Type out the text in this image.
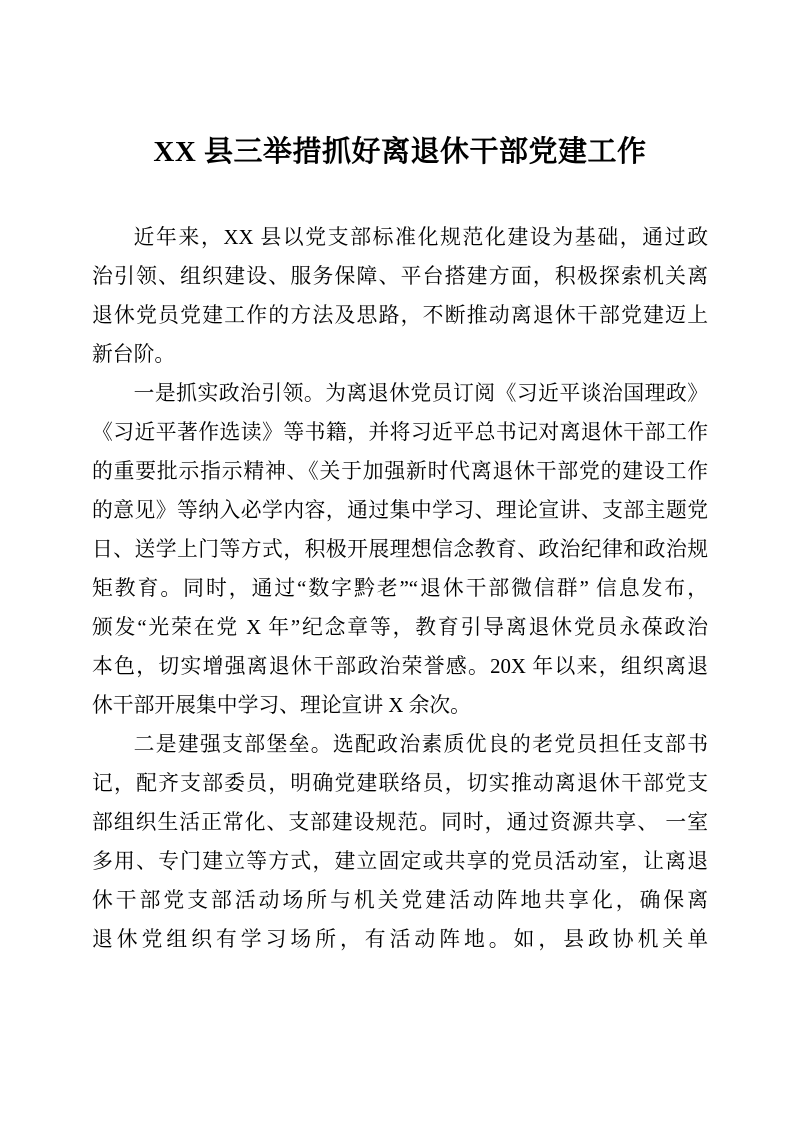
XX 县三举措抓好离退休干部党建工作
近年来，XX 县以党支部标准化规范化建设为基础，通过政
治引领、组织建设、服务保障、平台搭建方面，积极探索机关离
退休党员党建工作的方法及思路，不断推动离退休干部党建迈上
新台阶。
一是抓实政治引领。为离退休党员订阅《习近平谈治国理政》
《习近平著作选读》等书籍，并将习近平总书记对离退休干部工作
的重要批示指示精神、《关于加强新时代离退休干部党的建设工作
的意见》等纳入必学内容，通过集中学习、理论宣讲、支部主题党
日、送学上门等方式，积极开展理想信念教育、政治纪律和政治规
矩教育。同时，通过“数字黔老”“退休干部微信群” 信息发布，
颁发“光荣在党 X 年”纪念章等，教育引导离退休党员永葆政治
本色，切实增强离退休干部政治荣誉感。20X 年以来，组织离退
休干部开展集中学习、理论宣讲 X 余次。
二是建强支部堡垒。选配政治素质优良的老党员担任支部书
记，配齐支部委员，明确党建联络员，切实推动离退休干部党支
部组织生活正常化、支部建设规范。同时，通过资源共享、 一室
多用、专门建立等方式，建立固定或共享的党员活动室，让离退
休干部党支部活动场所与机关党建活动阵地共享化，确保离
退休党组织有学习场所，有活动阵地。如，县政协机关单
